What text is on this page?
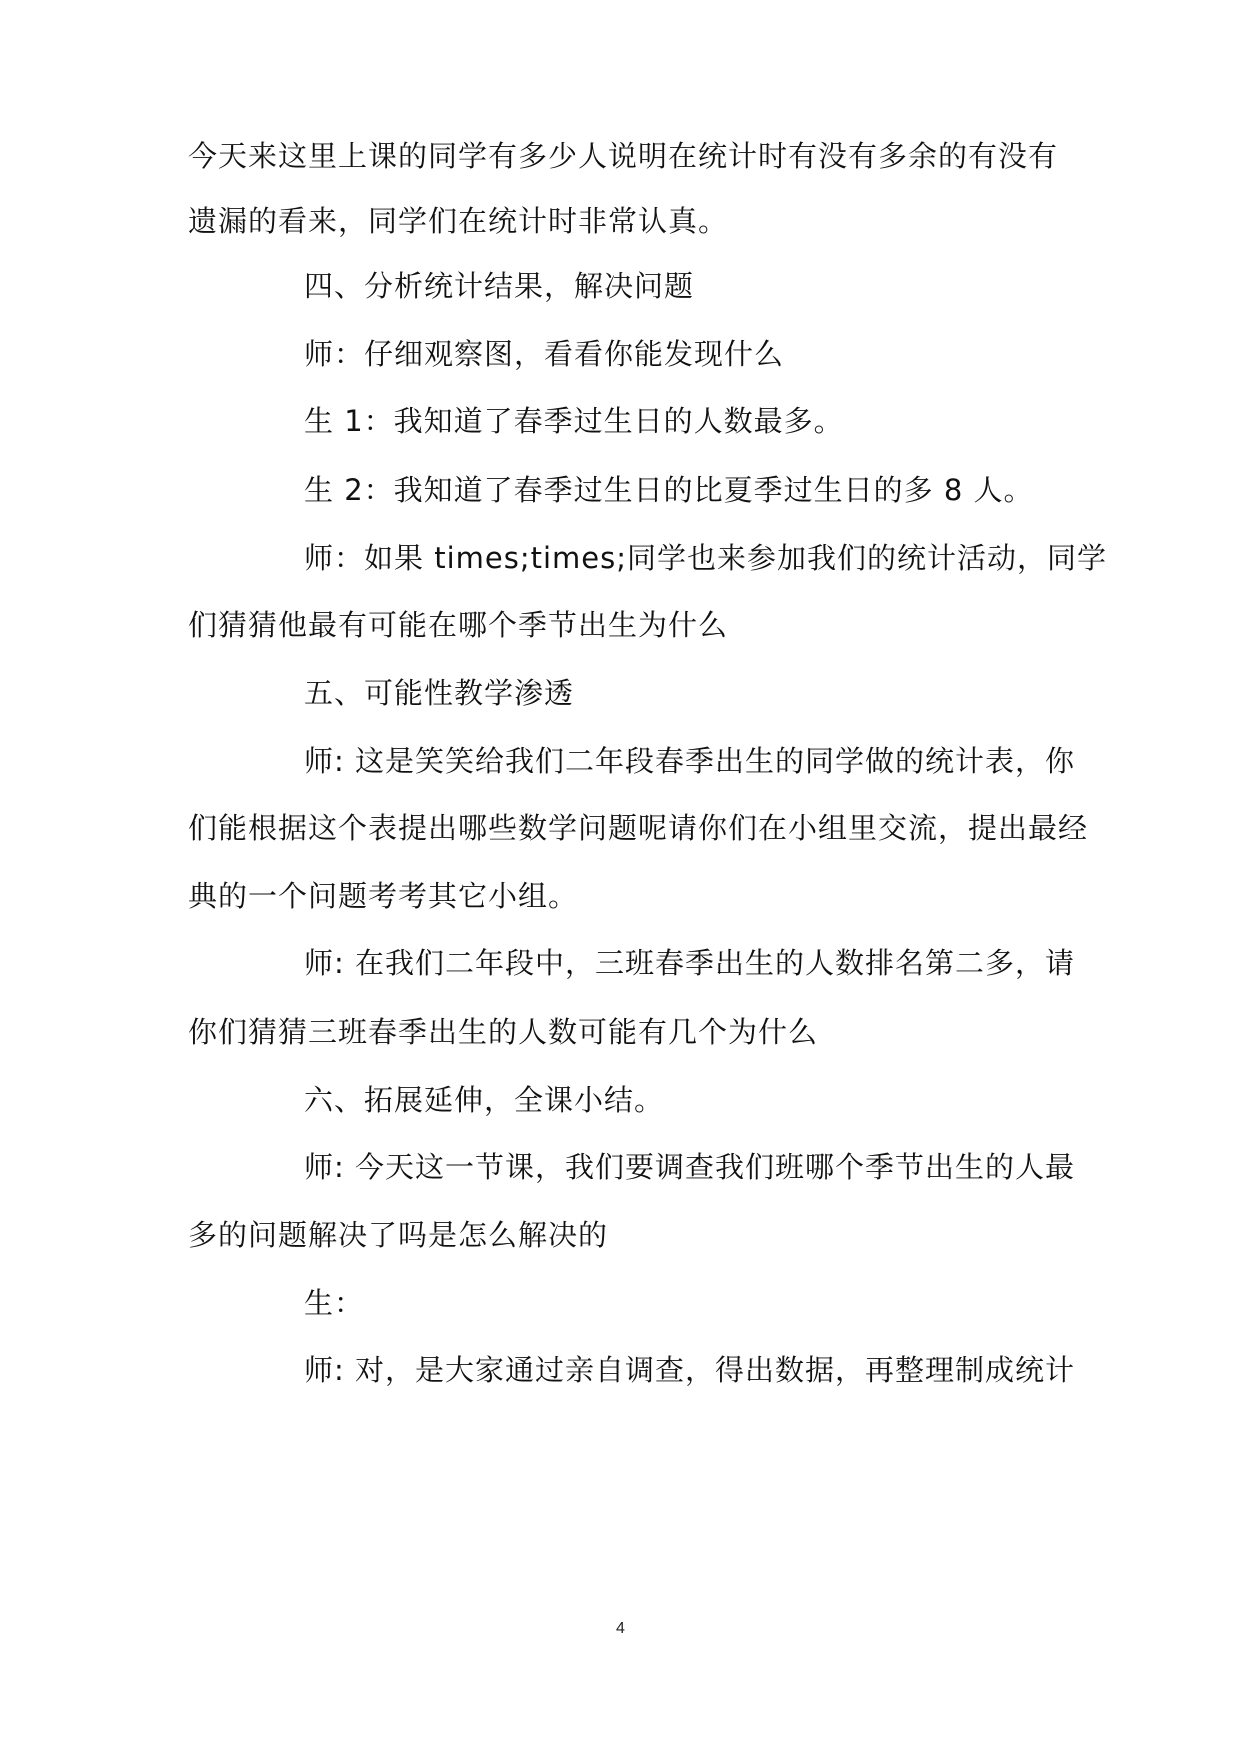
今天来这里上课的同学有多少人说明在统计时有没有多余的有没有
遗漏的看来，同学们在统计时非常认真。
四、分析统计结果，解决问题
师：仔细观察图，看看你能发现什么
生 1：我知道了春季过生日的人数最多。
生 2：我知道了春季过生日的比夏季过生日的多 8 人。
师：如果 times;times;同学也来参加我们的统计活动，同学
们猜猜他最有可能在哪个季节出生为什么
五、可能性教学渗透
师: 这是笑笑给我们二年段春季出生的同学做的统计表，你
们能根据这个表提出哪些数学问题呢请你们在小组里交流，提出最经
典的一个问题考考其它小组。
师: 在我们二年段中，三班春季出生的人数排名第二多，请
你们猜猜三班春季出生的人数可能有几个为什么
六、拓展延伸，全课小结。
师: 今天这一节课，我们要调查我们班哪个季节出生的人最
多的问题解决了吗是怎么解决的
生：
师: 对，是大家通过亲自调查，得出数据，再整理制成统计
4
